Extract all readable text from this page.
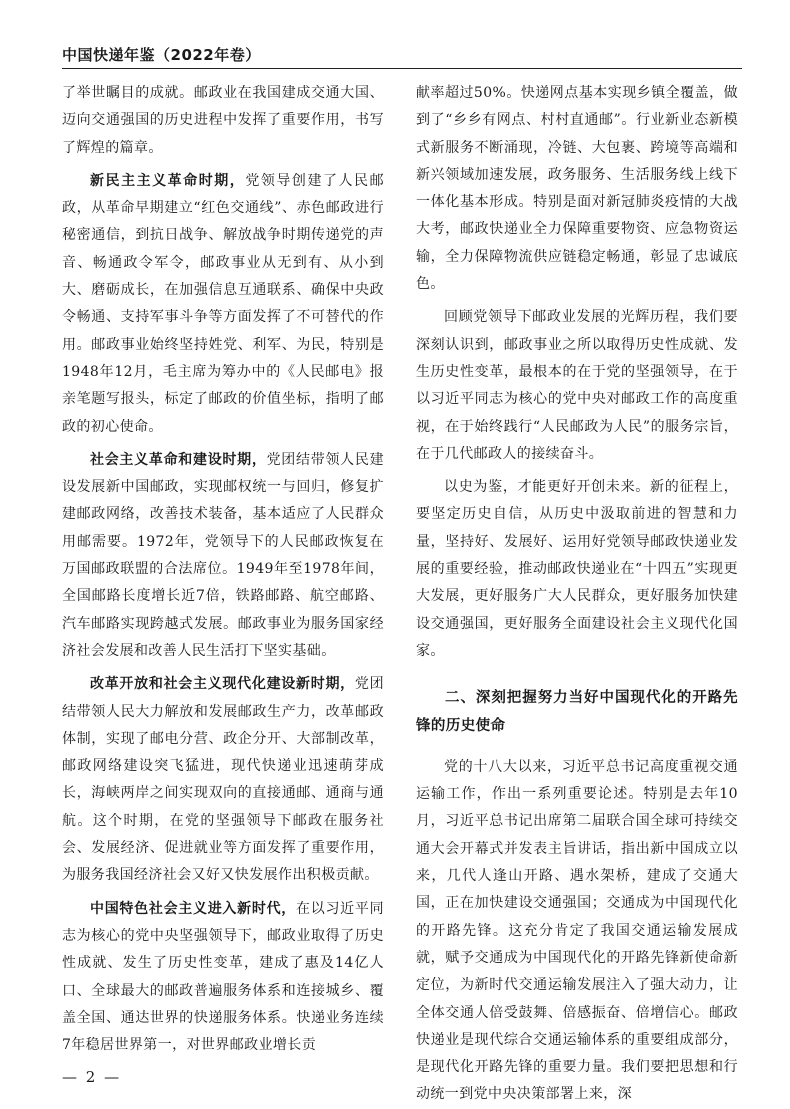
中国快递年鉴（2022年卷）

了举世瞩目的成就。邮政业在我国建成交通大国、迈向交通强国的历史进程中发挥了重要作用，书写了辉煌的篇章。

新民主主义革命时期，党领导创建了人民邮政，从革命早期建立“红色交通线”、赤色邮政进行秘密通信，到抗日战争、解放战争时期传递党的声音、畅通政令军令，邮政事业从无到有、从小到大、磨砺成长，在加强信息互通联系、确保中央政令畅通、支持军事斗争等方面发挥了不可替代的作用。邮政事业始终坚持姓党、利军、为民，特别是1948年12月，毛主席为筹办中的《人民邮电》报亲笔题写报头，标定了邮政的价值坐标，指明了邮政的初心使命。

社会主义革命和建设时期，党团结带领人民建设发展新中国邮政，实现邮权统一与回归，修复扩建邮政网络，改善技术装备，基本适应了人民群众用邮需要。1972年，党领导下的人民邮政恢复在万国邮政联盟的合法席位。1949年至1978年间，全国邮路长度增长近7倍，铁路邮路、航空邮路、汽车邮路实现跨越式发展。邮政事业为服务国家经济社会发展和改善人民生活打下坚实基础。

改革开放和社会主义现代化建设新时期，党团结带领人民大力解放和发展邮政生产力，改革邮政体制，实现了邮电分营、政企分开、大部制改革，邮政网络建设突飞猛进，现代快递业迅速萌芽成长，海峡两岸之间实现双向的直接通邮、通商与通航。这个时期，在党的坚强领导下邮政在服务社会、发展经济、促进就业等方面发挥了重要作用，为服务我国经济社会又好又快发展作出积极贡献。

中国特色社会主义进入新时代，在以习近平同志为核心的党中央坚强领导下，邮政业取得了历史性成就、发生了历史性变革，建成了惠及14亿人口、全球最大的邮政普遍服务体系和连接城乡、覆盖全国、通达世界的快递服务体系。快递业务连续7年稳居世界第一，对世界邮政业增长贡

献率超过50%。快递网点基本实现乡镇全覆盖，做到了“乡乡有网点、村村直通邮”。行业新业态新模式新服务不断涌现，冷链、大包裹、跨境等高端和新兴领域加速发展，政务服务、生活服务线上线下一体化基本形成。特别是面对新冠肺炎疫情的大战大考，邮政快递业全力保障重要物资、应急物资运输，全力保障物流供应链稳定畅通，彰显了忠诚底色。

回顾党领导下邮政业发展的光辉历程，我们要深刻认识到，邮政事业之所以取得历史性成就、发生历史性变革，最根本的在于党的坚强领导，在于以习近平同志为核心的党中央对邮政工作的高度重视，在于始终践行“人民邮政为人民”的服务宗旨，在于几代邮政人的接续奋斗。

以史为鉴，才能更好开创未来。新的征程上，要坚定历史自信，从历史中汲取前进的智慧和力量，坚持好、发展好、运用好党领导邮政快递业发展的重要经验，推动邮政快递业在“十四五”实现更大发展，更好服务广大人民群众，更好服务加快建设交通强国，更好服务全面建设社会主义现代化国家。

二、深刻把握努力当好中国现代化的开路先锋的历史使命

党的十八大以来，习近平总书记高度重视交通运输工作，作出一系列重要论述。特别是去年10月，习近平总书记出席第二届联合国全球可持续交通大会开幕式并发表主旨讲话，指出新中国成立以来，几代人逢山开路、遇水架桥，建成了交通大国，正在加快建设交通强国；交通成为中国现代化的开路先锋。这充分肯定了我国交通运输发展成就，赋予交通成为中国现代化的开路先锋新使命新定位，为新时代交通运输发展注入了强大动力，让全体交通人倍受鼓舞、倍感振奋、倍增信心。邮政快递业是现代综合交通运输体系的重要组成部分，是现代化开路先锋的重要力量。我们要把思想和行动统一到党中央决策部署上来，深

— 2 —
